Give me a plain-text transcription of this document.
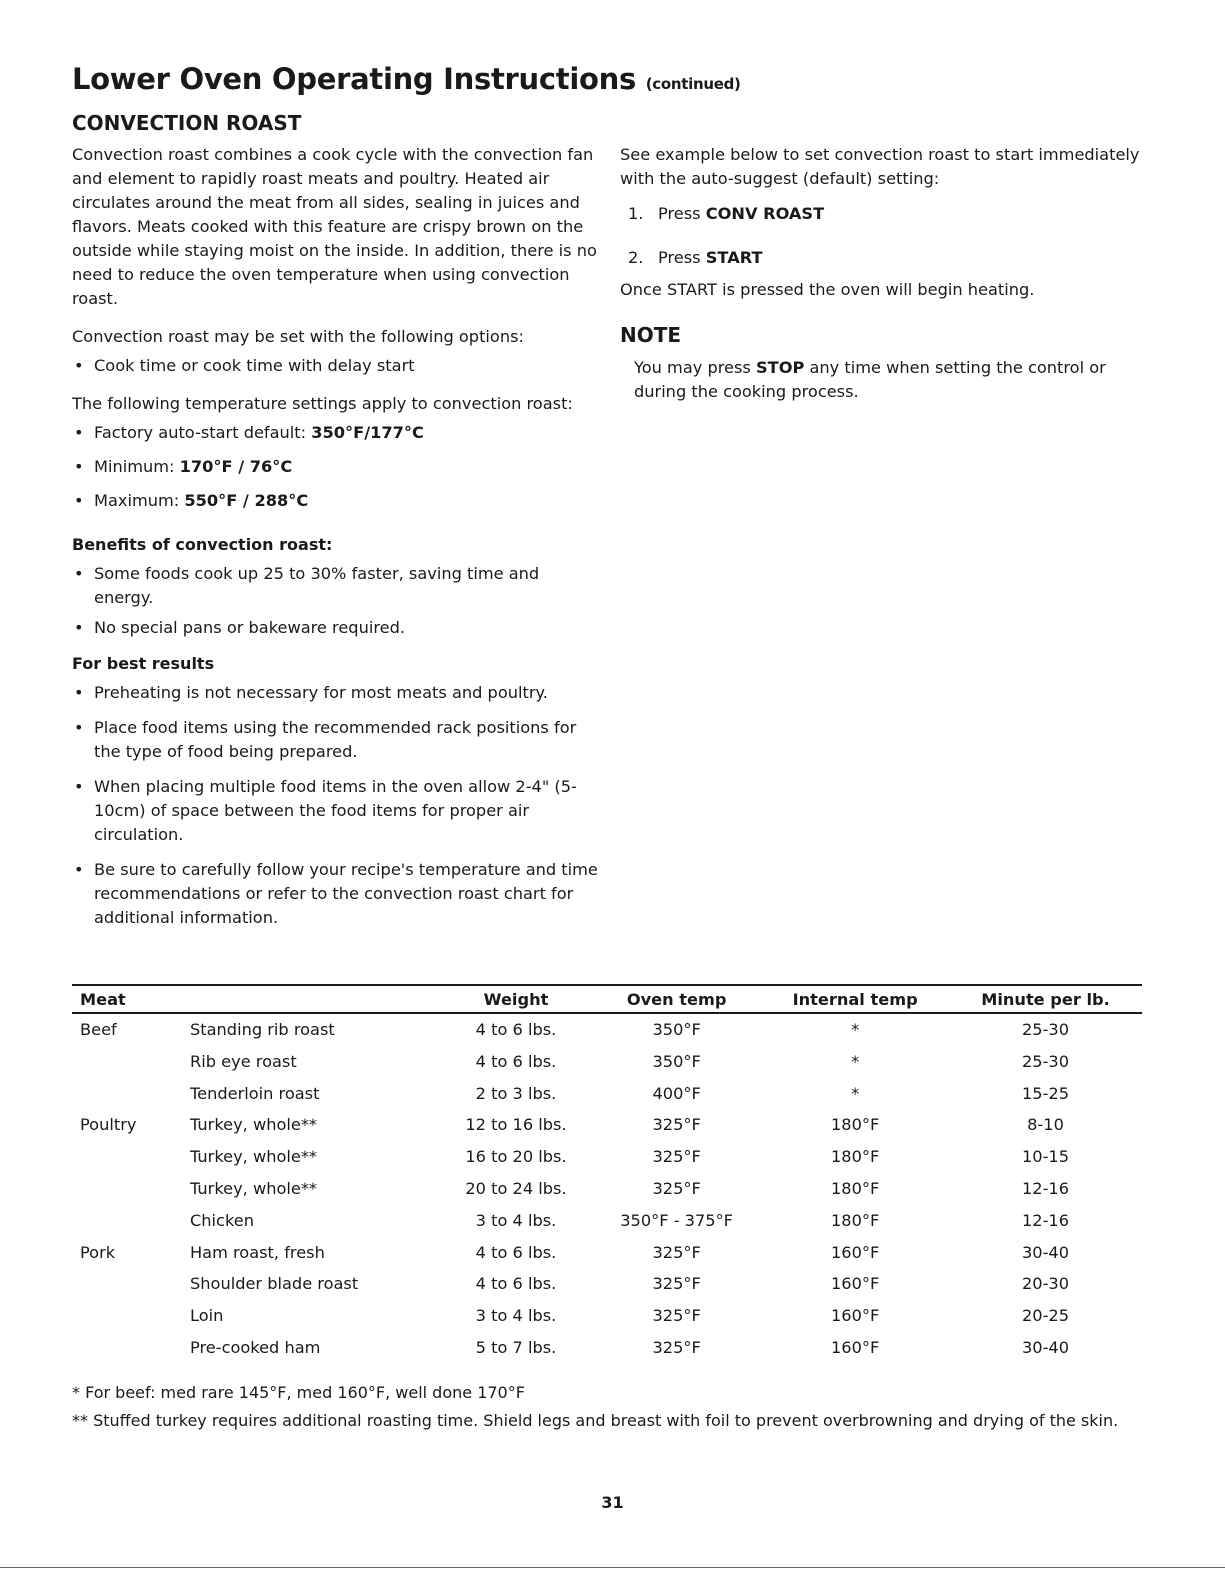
Lower Oven Operating Instructions (continued)
CONVECTION ROAST

Convection roast combines a cook cycle with the convection fan and element to rapidly roast meats and poultry. Heated air circulates around the meat from all sides, sealing in juices and flavors. Meats cooked with this feature are crispy brown on the outside while staying moist on the inside. In addition, there is no need to reduce the oven temperature when using convection roast.

Convection roast may be set with the following options:

• Cook time or cook time with delay start

The following temperature settings apply to convection roast:

• Factory auto-start default: 350°F/177°C
• Minimum: 170°F / 76°C
• Maximum: 550°F / 288°C
Benefits of convection roast:
• Some foods cook up 25 to 30% faster, saving time and energy.
• No special pans or bakeware required.
For best results
• Preheating is not necessary for most meats and poultry.
• Place food items using the recommended rack positions for the type of food being prepared.
• When placing multiple food items in the oven allow 2-4" (5-10cm) of space between the food items for proper air circulation.
• Be sure to carefully follow your recipe's temperature and time recommendations or refer to the convection roast chart for additional information.

See example below to set convection roast to start immediately with the auto-suggest (default) setting:

1. Press CONV ROAST
2. Press START

Once START is pressed the oven will begin heating.

NOTE

You may press STOP any time when setting the control or during the cooking process.

Meat		Weight	Oven temp	Internal temp	Minute per lb.
Beef	Standing rib roast	4 to 6 lbs.	350°F	*	25-30
	Rib eye roast	4 to 6 lbs.	350°F	*	25-30
	Tenderloin roast	2 to 3 lbs.	400°F	*	15-25
Poultry	Turkey, whole**	12 to 16 lbs.	325°F	180°F	8-10
	Turkey, whole**	16 to 20 lbs.	325°F	180°F	10-15
	Turkey, whole**	20 to 24 lbs.	325°F	180°F	12-16
	Chicken	3 to 4 lbs.	350°F - 375°F	180°F	12-16
Pork	Ham roast, fresh	4 to 6 lbs.	325°F	160°F	30-40
	Shoulder blade roast	4 to 6 lbs.	325°F	160°F	20-30
	Loin	3 to 4 lbs.	325°F	160°F	20-25
	Pre-cooked ham	5 to 7 lbs.	325°F	160°F	30-40
* For beef: med rare 145°F, med 160°F, well done 170°F
** Stuffed turkey requires additional roasting time. Shield legs and breast with foil to prevent overbrowning and drying of the skin.
31
